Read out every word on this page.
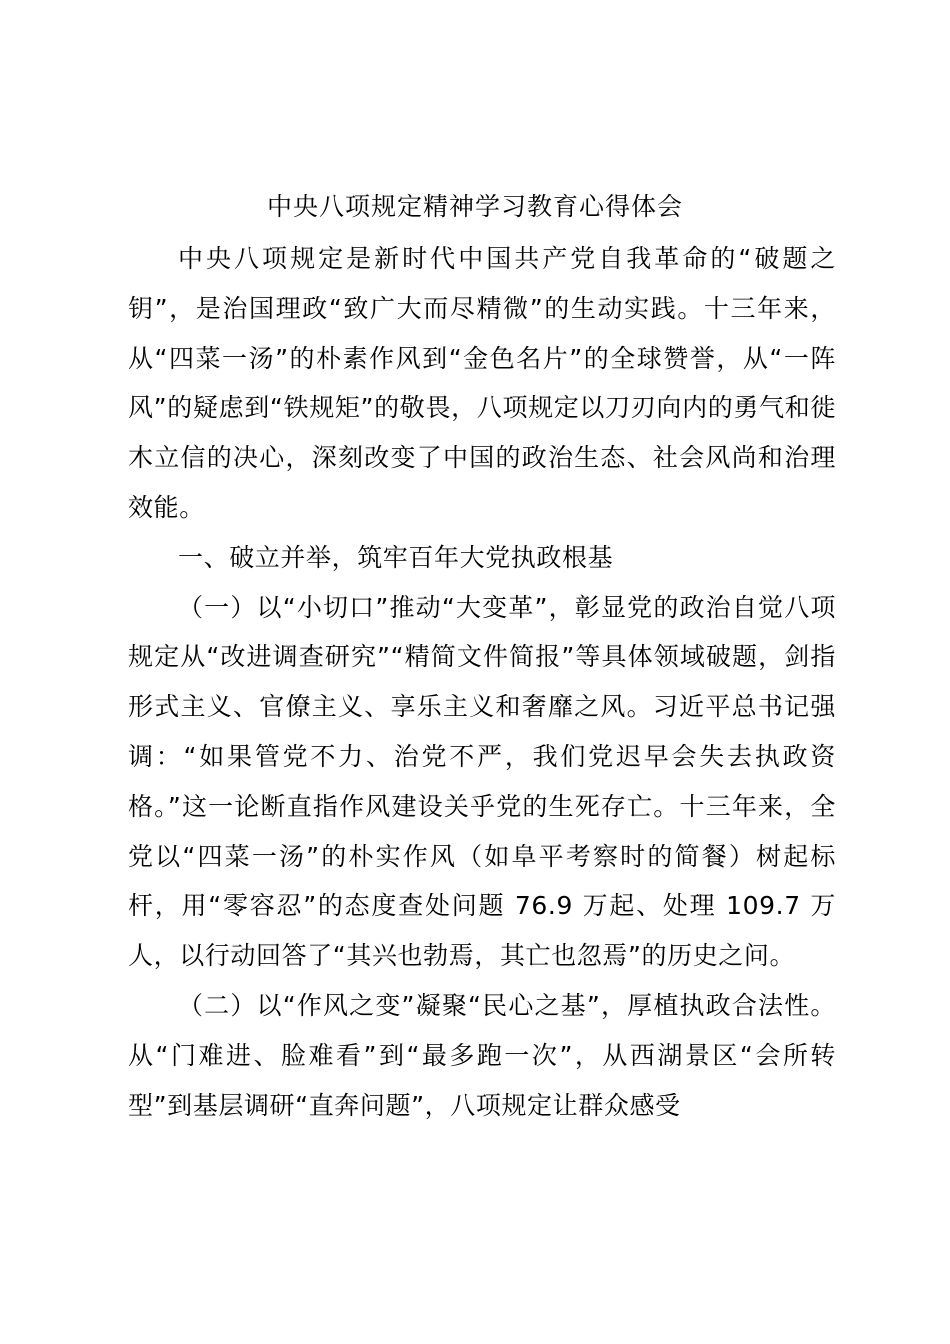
中央八项规定精神学习教育心得体会

中央八项规定是新时代中国共产党自我革命的“破题之钥”，是治国理政“致广大而尽精微”的生动实践。十三年来，从“四菜一汤”的朴素作风到“金色名片”的全球赞誉，从“一阵风”的疑虑到“铁规矩”的敬畏，八项规定以刀刃向内的勇气和徙木立信的决心，深刻改变了中国的政治生态、社会风尚和治理效能。

一、破立并举，筑牢百年大党执政根基

（一）以“小切口”推动“大变革”，彰显党的政治自觉八项规定从“改进调查研究”“精简文件简报”等具体领域破题，剑指形式主义、官僚主义、享乐主义和奢靡之风。习近平总书记强调：“如果管党不力、治党不严，我们党迟早会失去执政资格。”这一论断直指作风建设关乎党的生死存亡。十三年来，全党以“四菜一汤”的朴实作风（如阜平考察时的简餐）树起标杆，用“零容忍”的态度查处问题 76.9 万起、处理 109.7 万人，以行动回答了“其兴也勃焉，其亡也忽焉”的历史之问。

（二）以“作风之变”凝聚“民心之基”，厚植执政合法性。从“门难进、脸难看”到“最多跑一次”，从西湖景区“会所转型”到基层调研“直奔问题”，八项规定让群众感受
